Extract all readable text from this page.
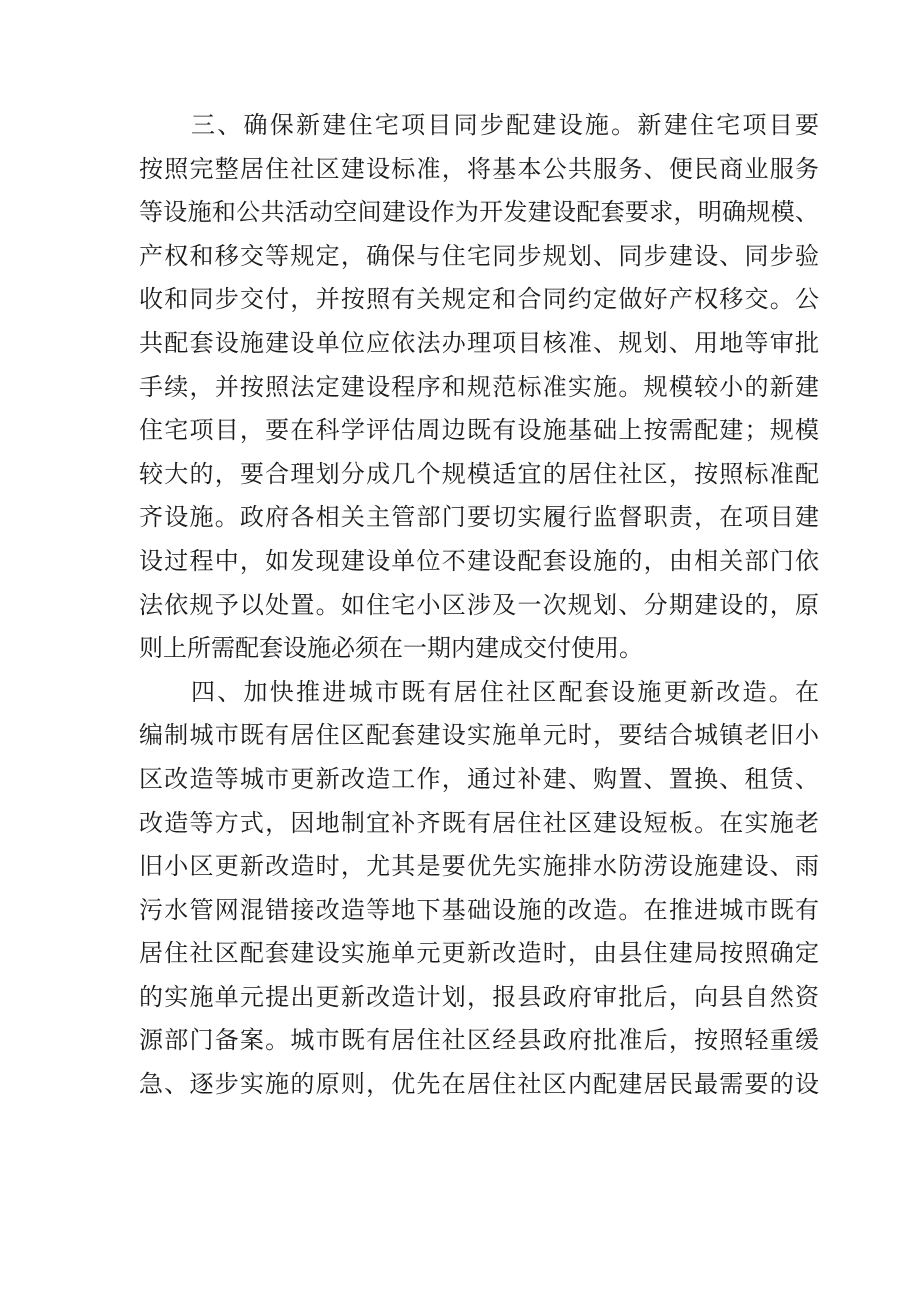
三、确保新建住宅项目同步配建设施。新建住宅项目要
按照完整居住社区建设标准，将基本公共服务、便民商业服务
等设施和公共活动空间建设作为开发建设配套要求，明确规模、
产权和移交等规定，确保与住宅同步规划、同步建设、同步验
收和同步交付，并按照有关规定和合同约定做好产权移交。公
共配套设施建设单位应依法办理项目核准、规划、用地等审批
手续，并按照法定建设程序和规范标准实施。规模较小的新建
住宅项目，要在科学评估周边既有设施基础上按需配建；规模
较大的，要合理划分成几个规模适宜的居住社区，按照标准配
齐设施。政府各相关主管部门要切实履行监督职责，在项目建
设过程中，如发现建设单位不建设配套设施的，由相关部门依
法依规予以处置。如住宅小区涉及一次规划、分期建设的，原
则上所需配套设施必须在一期内建成交付使用。
四、加快推进城市既有居住社区配套设施更新改造。在
编制城市既有居住区配套建设实施单元时，要结合城镇老旧小
区改造等城市更新改造工作，通过补建、购置、置换、租赁、
改造等方式，因地制宜补齐既有居住社区建设短板。在实施老
旧小区更新改造时，尤其是要优先实施排水防涝设施建设、雨
污水管网混错接改造等地下基础设施的改造。在推进城市既有
居住社区配套建设实施单元更新改造时，由县住建局按照确定
的实施单元提出更新改造计划，报县政府审批后，向县自然资
源部门备案。城市既有居住社区经县政府批准后，按照轻重缓
急、逐步实施的原则，优先在居住社区内配建居民最需要的设
